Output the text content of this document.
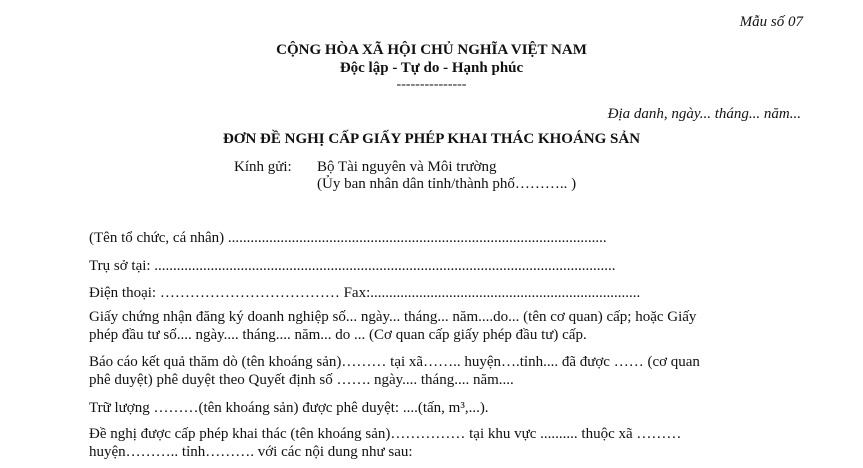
Mẫu số 07
CỘNG HÒA XÃ HỘI CHỦ NGHĨA VIỆT NAM
Độc lập - Tự do - Hạnh phúc
---------------
Địa danh, ngày... tháng... năm...
ĐƠN ĐỀ NGHỊ CẤP GIẤY PHÉP KHAI THÁC KHOÁNG SẢN
Kính gửi: Bộ Tài nguyên và Môi trường
(Ủy ban nhân dân tỉnh/thành phố……….. )
(Tên tổ chức, cá nhân) .....................................................................................................
Trụ sở tại: ...........................................................................................................................
Điện thoại: ……………………………… Fax:........................................................................
Giấy chứng nhận đăng ký doanh nghiệp số... ngày... tháng... năm....do... (tên cơ quan) cấp; hoặc Giấy
phép đầu tư số.... ngày.... tháng.... năm... do ... (Cơ quan cấp giấy phép đầu tư) cấp.
Báo cáo kết quả thăm dò (tên khoáng sản)……… tại xã…….. huyện….tỉnh.... đã được …… (cơ quan
phê duyệt) phê duyệt theo Quyết định số ……. ngày.... tháng.... năm....
Trữ lượng ………(tên khoáng sản) được phê duyệt: ....(tấn, m³,...).
Đề nghị được cấp phép khai thác (tên khoáng sản)…………… tại khu vực .......... thuộc xã ………
huyện……….. tỉnh………. với các nội dung như sau:
